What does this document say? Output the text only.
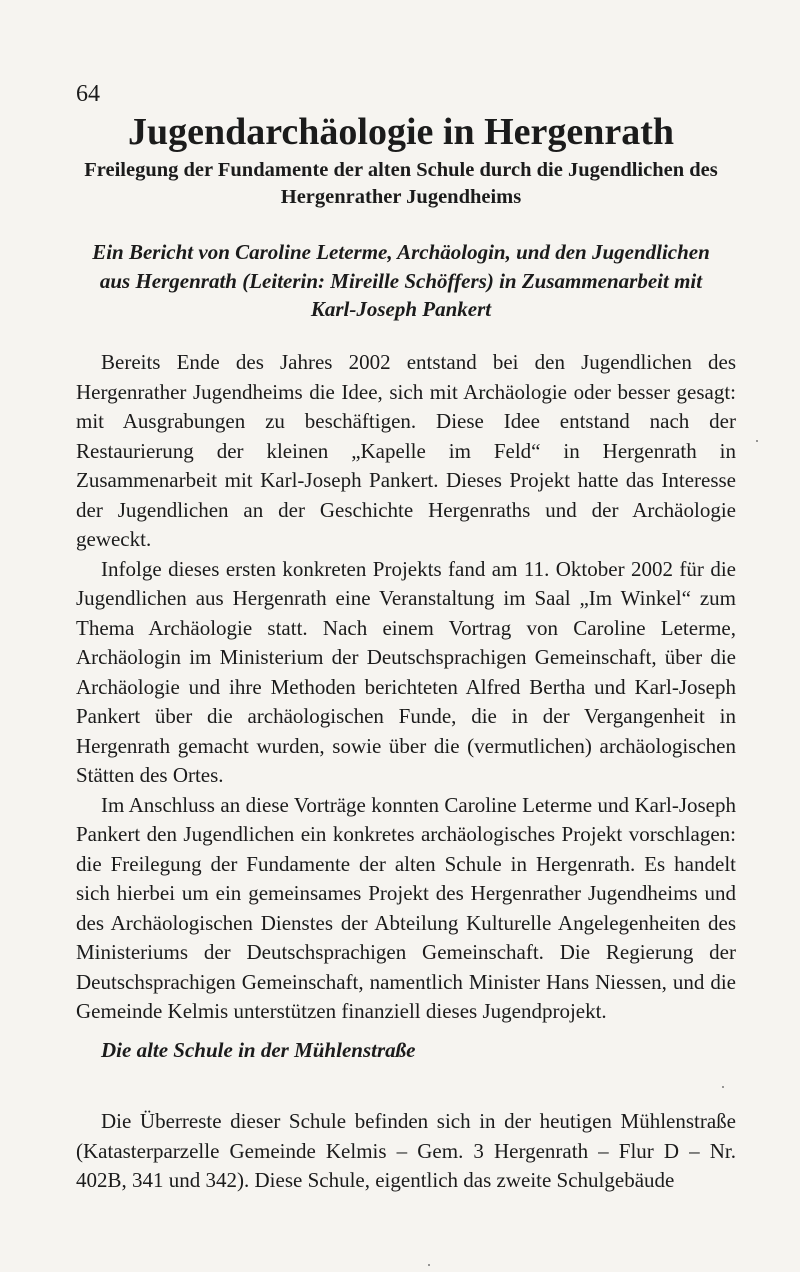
64
Jugendarchäologie in Hergenrath
Freilegung der Fundamente der alten Schule durch die Jugendlichen des Hergenrather Jugendheims
Ein Bericht von Caroline Leterme, Archäologin, und den Jugendlichen aus Hergenrath (Leiterin: Mireille Schöffers) in Zusammenarbeit mit Karl-Joseph Pankert

Bereits Ende des Jahres 2002 entstand bei den Jugendlichen des Hergenrather Jugendheims die Idee, sich mit Archäologie oder besser gesagt: mit Ausgrabungen zu beschäftigen. Diese Idee entstand nach der Restaurierung der kleinen „Kapelle im Feld“ in Hergenrath in Zusammenarbeit mit Karl-Joseph Pankert. Dieses Projekt hatte das Interesse der Jugendlichen an der Geschichte Hergenraths und der Archäologie geweckt.

Infolge dieses ersten konkreten Projekts fand am 11. Oktober 2002 für die Jugendlichen aus Hergenrath eine Veranstaltung im Saal „Im Winkel“ zum Thema Archäologie statt. Nach einem Vortrag von Caroline Leterme, Archäologin im Ministerium der Deutschsprachigen Gemeinschaft, über die Archäologie und ihre Methoden berichteten Alfred Bertha und Karl-Joseph Pankert über die archäologischen Funde, die in der Vergangenheit in Hergenrath gemacht wurden, sowie über die (vermutlichen) archäologischen Stätten des Ortes.

Im Anschluss an diese Vorträge konnten Caroline Leterme und Karl-Joseph Pankert den Jugendlichen ein konkretes archäologisches Projekt vorschlagen: die Freilegung der Fundamente der alten Schule in Hergenrath. Es handelt sich hierbei um ein gemeinsames Projekt des Hergenrather Jugendheims und des Archäologischen Dienstes der Abteilung Kulturelle Angelegenheiten des Ministeriums der Deutschsprachigen Gemeinschaft. Die Regierung der Deutschsprachigen Gemeinschaft, namentlich Minister Hans Niessen, und die Gemeinde Kelmis unterstützen finanziell dieses Jugendprojekt.

Die alte Schule in der Mühlenstraße

Die Überreste dieser Schule befinden sich in der heutigen Mühlenstraße (Katasterparzelle Gemeinde Kelmis – Gem. 3 Hergenrath – Flur D – Nr. 402B, 341 und 342). Diese Schule, eigentlich das zweite Schulgebäude
